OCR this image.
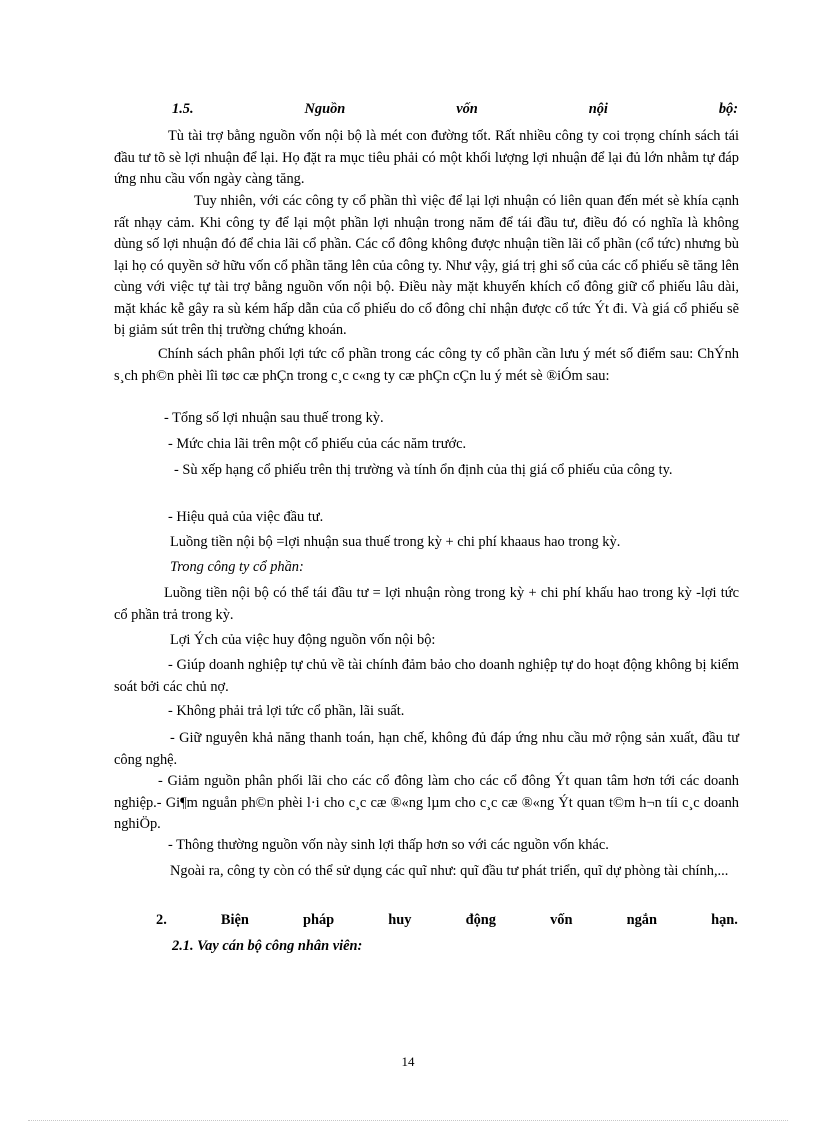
1.5.	Nguồn	vốn	nội	bộ:

Tù tài trợ bằng nguồn vốn nội bộ là mét con đường tốt. Rất nhiều công ty coi trọng chính sách tái đầu tư tõ sè lợi nhuận để lại. Họ đặt ra mục tiêu phải có một khối lượng lợi nhuận để lại đủ lớn nhằm tự đáp ứng nhu cầu vốn ngày càng tăng.

Tuy nhiên, với các công ty cổ phần thì việc để lại lợi nhuận có liên quan đến mét sè khía cạnh rất nhạy cảm. Khi công ty để lại một phần lợi nhuận trong năm để tái đầu tư, điều đó có nghĩa là không dùng số lợi nhuận đó để chia lãi cổ phần. Các cổ đông không được nhuận tiền lãi cổ phần (cổ tức) nhưng bù lại họ có quyền sở hữu vốn cổ phần tăng lên của công ty. Như vậy, giá trị ghi sổ của các cổ phiếu sẽ tăng lên cùng với việc tự tài trợ bằng nguồn vốn nội bộ. Điều này mặt khuyến khích cổ đông giữ cổ phiếu lâu dài, mặt khác kễ gây ra sù kém hấp dẫn của cổ phiếu do cổ đông chỉ nhận được cổ tức Ýt đi. Và giá cổ phiếu sẽ bị giảm sút trên thị trường chứng khoán.

Chính sách phân phối lợi tức cổ phần trong các công ty cổ phần cần lưu ý mét số điểm sau: ChÝnh s¸ch ph©n phèi lîi tøc cæ phÇn trong c¸c c«ng ty cæ phÇn cÇn lu ý mét sè ®iÓm sau:

- Tổng số lợi nhuận sau thuế trong kỳ.

- Mức chia lãi trên một cổ phiếu của các năm trước.

- Sù xếp hạng cổ phiếu trên thị trường và tính ổn định của thị giá cổ phiếu của công ty.

- Hiệu quả của việc đầu tư.

Luồng tiền nội bộ =lợi nhuận sua thuế trong kỳ + chi phí khaaus hao trong kỳ.

Trong công ty cổ phần:

Luồng tiền nội bộ có thể tái đầu tư = lợi nhuận ròng trong kỳ + chi phí khấu hao trong kỳ -lợi tức cổ phần trả trong kỳ.

Lợi Ých của việc huy động nguồn vốn nội bộ:

- Giúp doanh nghiệp tự chủ về tài chính đảm bảo cho doanh nghiệp tự do hoạt động không bị kiểm soát bởi các chủ nợ.

- Không phải trả lợi tức cổ phần, lãi suất.

- Giữ nguyên khả năng thanh toán, hạn chế, không đủ đáp ứng nhu cầu mở rộng sản xuất, đầu tư công nghệ.

- Giảm nguồn phân phối lãi cho các cổ đông làm cho các cổ đông Ýt quan tâm hơn tới các doanh nghiệp.- Gi¶m nguån ph©n phèi l·i cho c¸c cæ ®«ng lµm cho c¸c cæ ®«ng Ýt quan t©m h¬n tíi c¸c doanh nghiÖp.

- Thông thường nguồn vốn này sinh lợi thấp hơn so với các nguồn vốn khác.

Ngoài ra, công ty còn có thể sử dụng các quĩ như: quĩ đầu tư phát triển, quĩ dự phòng tài chính,...

2.	Biện	pháp	huy	động	vốn	ngắn	hạn.
2.1. Vay cán bộ công nhân viên:
14
